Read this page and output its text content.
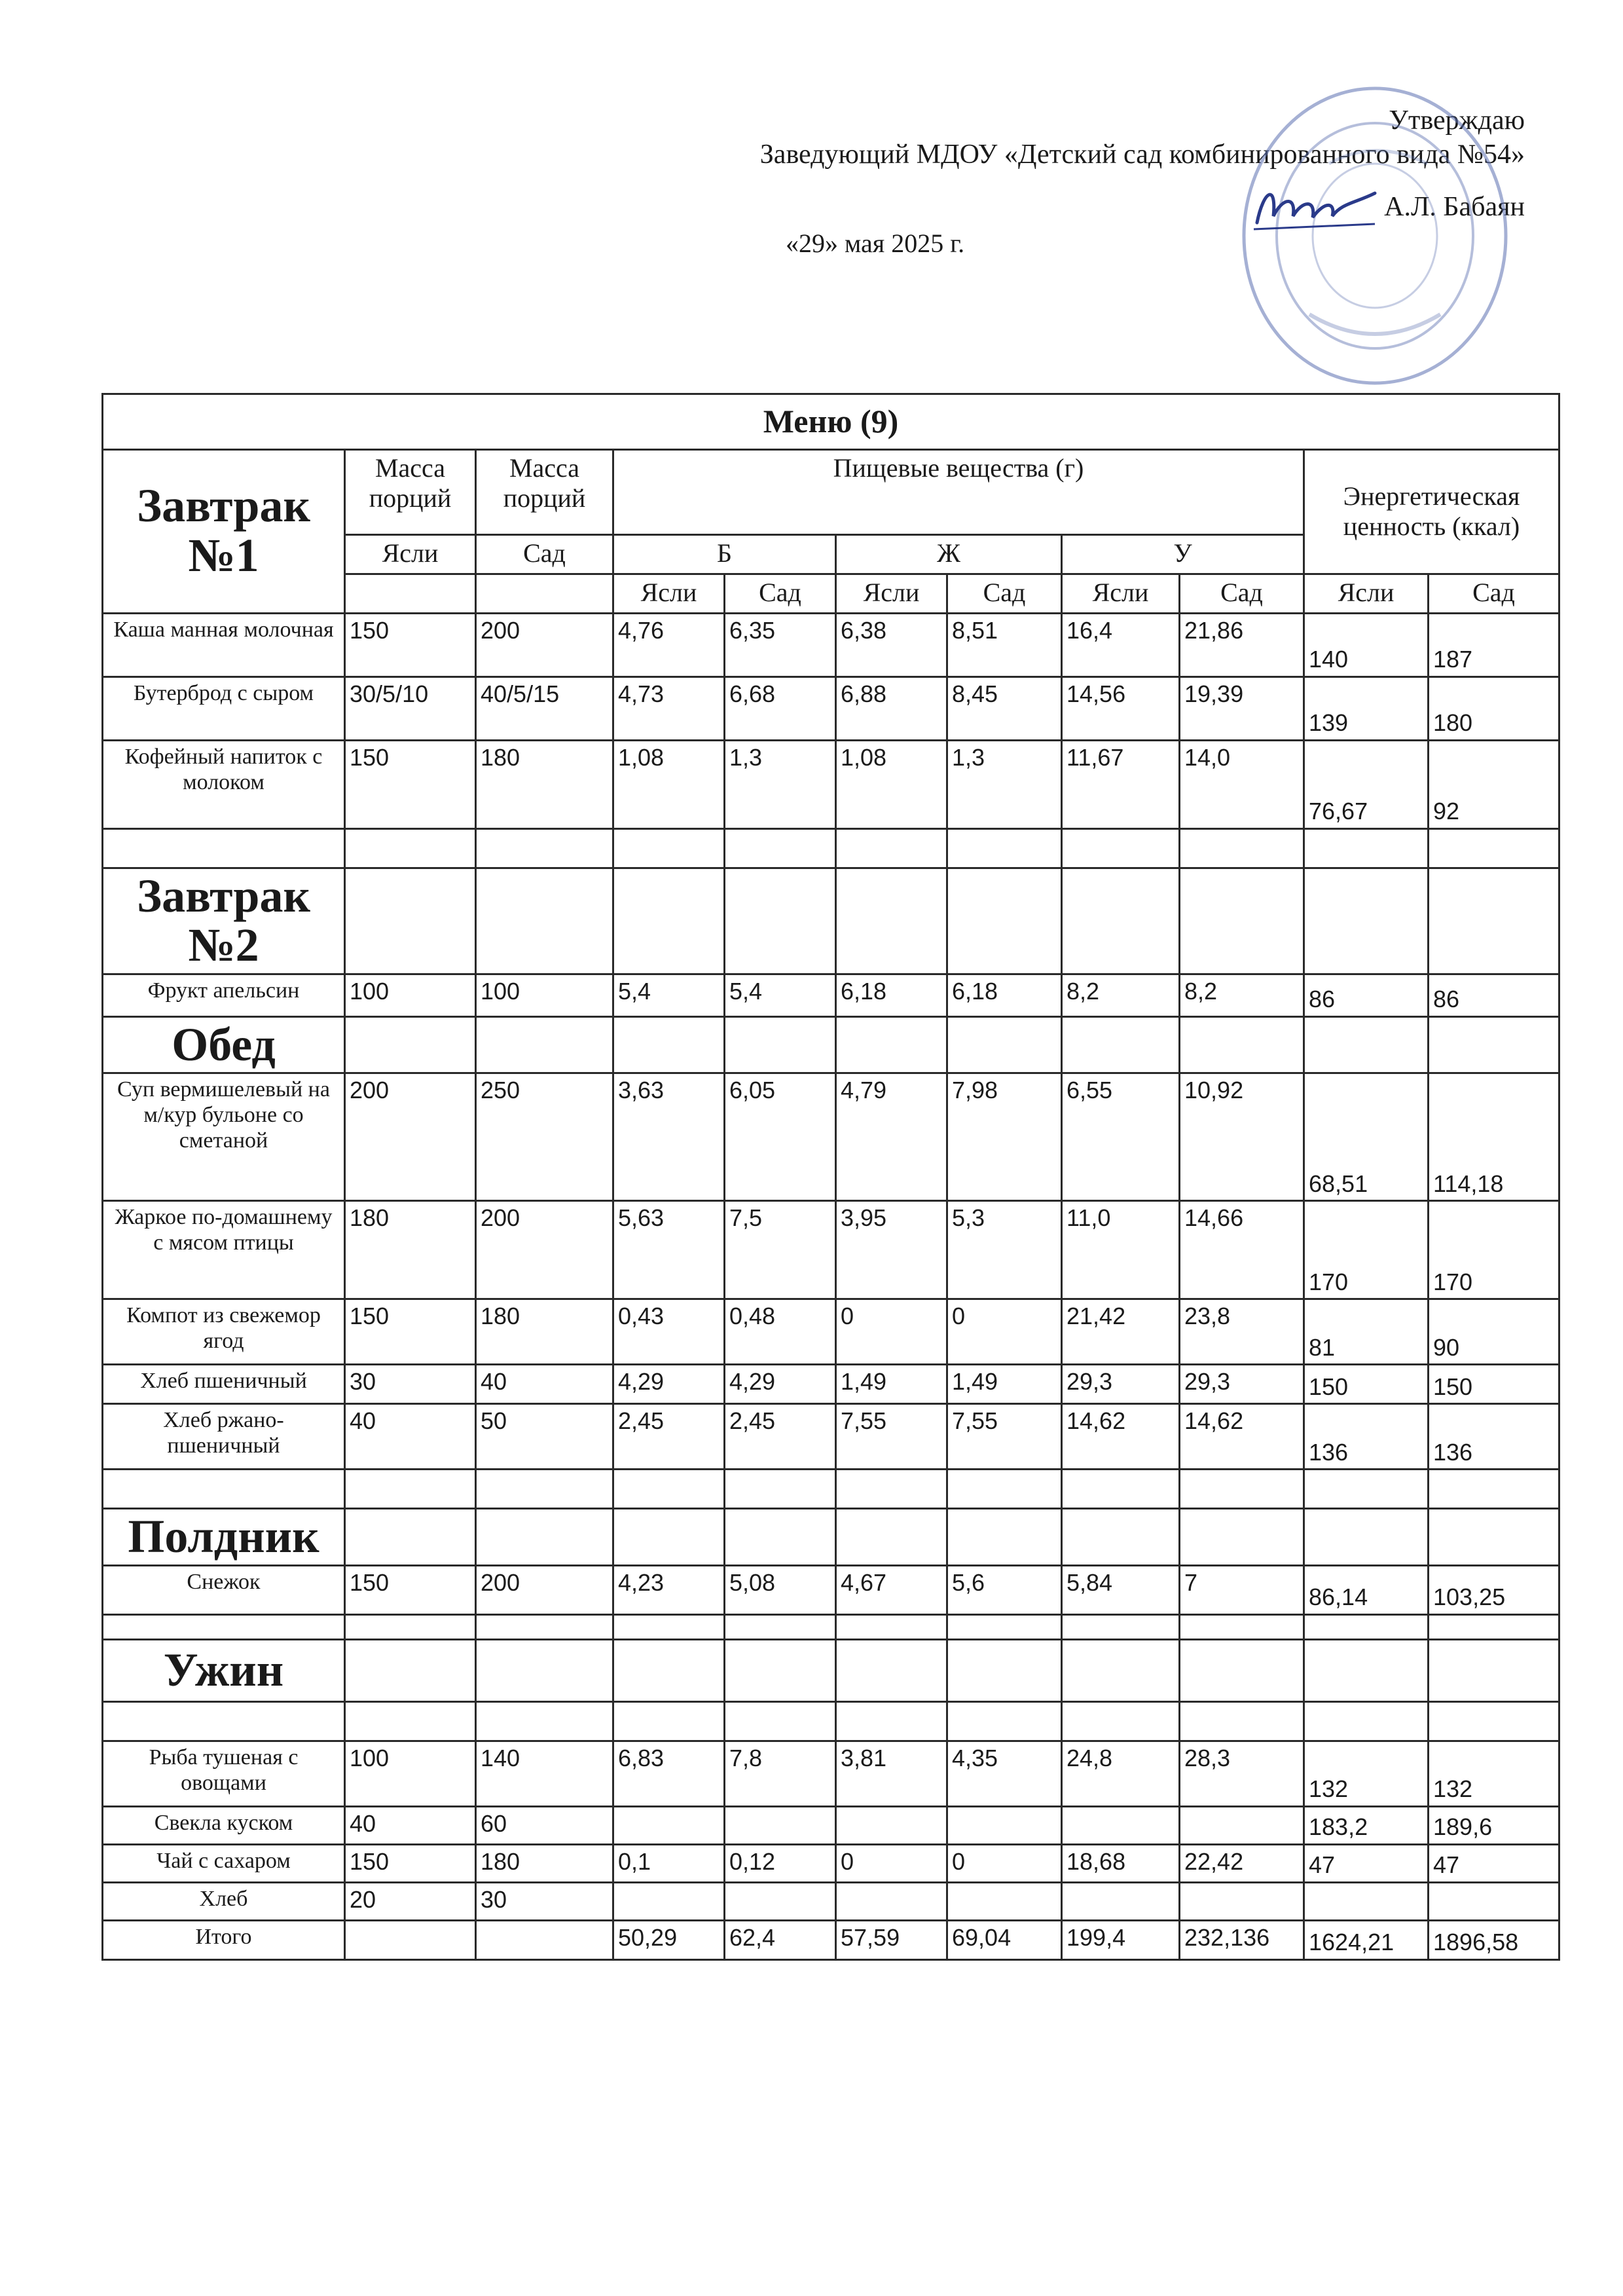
Утверждаю
Заведующий МДОУ «Детский сад комбинированного вида №54»
А.Л. Бабаян
«29» мая 2025 г.
Меню (9)										
Завтрак №1	Масса порций	Масса порций	Пищевые вещества (г)						Энергетическая ценность (ккал)	
	Ясли	Сад	Б		Ж		У			
			Ясли	Сад	Ясли	Сад	Ясли	Сад	Ясли	Сад
Каша манная молочная	150	200	4,76	6,35	6,38	8,51	16,4	21,86	140	187
Бутерброд с сыром	30/5/10	40/5/15	4,73	6,68	6,88	8,45	14,56	19,39	139	180
Кофейный напиток с молоком	150	180	1,08	1,3	1,08	1,3	11,67	14,0	76,67	92

Завтрак №2										
Фрукт апельсин	100	100	5,4	5,4	6,18	6,18	8,2	8,2	86	86
Обед										
Суп вермишелевый на м/кур бульоне со сметаной	200	250	3,63	6,05	4,79	7,98	6,55	10,92	68,51	114,18
Жаркое по-домашнему с мясом птицы	180	200	5,63	7,5	3,95	5,3	11,0	14,66	170	170
Компот из свежемор ягод	150	180	0,43	0,48	0	0	21,42	23,8	81	90
Хлеб пшеничный	30	40	4,29	4,29	1,49	1,49	29,3	29,3	150	150
Хлеб ржано-пшеничный	40	50	2,45	2,45	7,55	7,55	14,62	14,62	136	136

Полдник										
Снежок	150	200	4,23	5,08	4,67	5,6	5,84	7	86,14	103,25

Ужин										

Рыба тушеная с овощами	100	140	6,83	7,8	3,81	4,35	24,8	28,3	132	132
Свекла куском	40	60							183,2	189,6
Чай с сахаром	150	180	0,1	0,12	0	0	18,68	22,42	47	47
Хлеб	20	30								
Итого			50,29	62,4	57,59	69,04	199,4	232,136	1624,21	1896,58
